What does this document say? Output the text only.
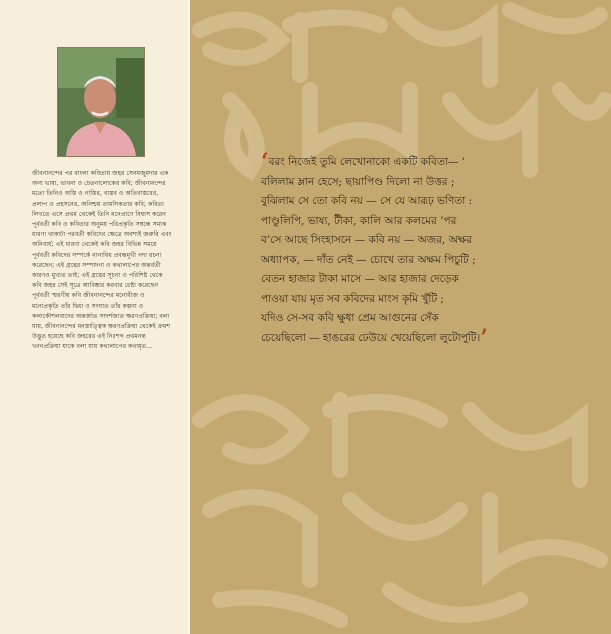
জীবনানন্দের পর বাংলা কবিতায় জহর সেনমজুমদার এক অন্য ভাষা, ভাবনা ও চেতনালোকের কবি; জীবনানন্দের মতো তিনিও অস্তি ও নাস্তির, বাস্তব ও অতিবাস্তবের, প্রলাপ ও প্রহসনের, অনিশ্চয় তামসিকতার কবি; কবিতা লিখতে এসে প্রথম থেকেই তিনি মনেপ্রাণে বিশ্বাস করেন পূর্ববর্তী কবি ও কবিতার অনুময় পরিপ্রকৃতি সম্বন্ধে সম্যক ধারণা থাকাটা পরবর্তী কবিদের ক্ষেত্রে অবশ্যই জরুরি এবং অনিবার্য; এই ধারণা থেকেই কবি জহর বিভিন্ন সময়ে পূর্ববর্তী কবিদের সম্পর্কে নানাবিধ প্রবন্ধমূখী গদ্য রচনা করেছেন; এই গ্রন্থের সম্পাদনা ও কথালাপের অন্তর্বর্তী কারণও মুখ্যত তাই; এই গ্রন্থের সূচনা ও পরিশিষ্ট থেকে কবি জহর সেই সূত্রে আবিষ্কার করবার চেষ্টা করেছেন পূর্ববর্তী স্মরণীয় কবি জীবনানন্দের মনোবীজ ও মনোপ্রকৃতি তাঁর দ্বিধা ও সংঘাত তাঁর কল্পনা ও কলাকৌশলবাদের অন্তর্জাত সাদর্শজাত ক্ষরণপ্রক্রিয়া; বলা যায়, জীবনানন্দের মনস্তাত্ত্বিক ক্ষরণপ্রক্রিয়া থেকেই ক্রমশ উদ্ভূত হয়েছে কবি জহরের এই নিঃশব্দ প্রথমনন্ত খননপ্রক্রিয়া যাকে বলা যায় কথালাপের কথামৃত...
‘বরং নিজেই তুমি লেখোনাকো একটি কবিতা— ’
বলিলাম ম্লান হেসে; ছায়াপিণ্ড দিলো না উত্তর ;
বুঝিলাম সে তো কবি নয় — সে যে আরূঢ় ভণিতা :
পাণ্ডুলিপি, ভাষ্য, টীকা, কালি আর কলমের ’পর
ব’সে আছে সিংহাসনে — কবি নয় — অজর, অক্ষর
অধ্যাপক, — দাঁত নেই — চোখে তার অক্ষম পিচুটি ;
বেতন হাজার টাকা মাসে — আর হাজার দেড়েক
পাওয়া যায় মৃত সব কবিদের মাংস কৃমি খুঁটি ;
যদিও সে-সব কবি ক্ষুধা প্রেম আগুনের সেঁক
চেয়েছিলো — হাঙরের ঢেউয়ে খেয়েছিলো লুটোপুটি।’
